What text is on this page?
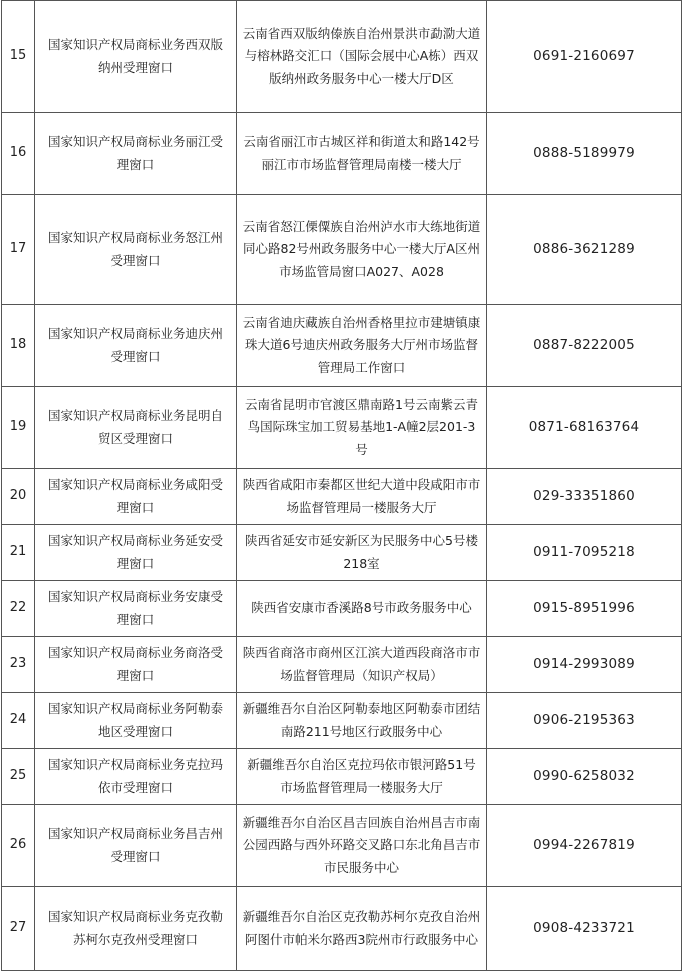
15	国家知识产权局商标业务西双版纳州受理窗口	云南省西双版纳傣族自治州景洪市勐泐大道与榕林路交汇口（国际会展中心A栋）西双版纳州政务服务中心一楼大厅D区	0691-2160697
16	国家知识产权局商标业务丽江受理窗口	云南省丽江市古城区祥和街道太和路142号丽江市市场监督管理局南楼一楼大厅	0888-5189979
17	国家知识产权局商标业务怒江州受理窗口	云南省怒江傈僳族自治州泸水市大练地街道同心路82号州政务服务中心一楼大厅A区州市场监管局窗口A027、A028	0886-3621289
18	国家知识产权局商标业务迪庆州受理窗口	云南省迪庆藏族自治州香格里拉市建塘镇康珠大道6号迪庆州政务服务大厅州市场监督管理局工作窗口	0887-8222005
19	国家知识产权局商标业务昆明自贸区受理窗口	云南省昆明市官渡区鼎南路1号云南紫云青鸟国际珠宝加工贸易基地1-A幢2层201-3号	0871-68163764
20	国家知识产权局商标业务咸阳受理窗口	陕西省咸阳市秦都区世纪大道中段咸阳市市场监督管理局一楼服务大厅	029-33351860
21	国家知识产权局商标业务延安受理窗口	陕西省延安市延安新区为民服务中心5号楼218室	0911-7095218
22	国家知识产权局商标业务安康受理窗口	陕西省安康市香溪路8号市政务服务中心	0915-8951996
23	国家知识产权局商标业务商洛受理窗口	陕西省商洛市商州区江滨大道西段商洛市市场监督管理局（知识产权局）	0914-2993089
24	国家知识产权局商标业务阿勒泰地区受理窗口	新疆维吾尔自治区阿勒泰地区阿勒泰市团结南路211号地区行政服务中心	0906-2195363
25	国家知识产权局商标业务克拉玛依市受理窗口	新疆维吾尔自治区克拉玛依市银河路51号市场监督管理局一楼服务大厅	0990-6258032
26	国家知识产权局商标业务昌吉州受理窗口	新疆维吾尔自治区昌吉回族自治州昌吉市南公园西路与西外环路交叉路口东北角昌吉市市民服务中心	0994-2267819
27	国家知识产权局商标业务克孜勒苏柯尔克孜州受理窗口	新疆维吾尔自治区克孜勒苏柯尔克孜自治州阿图什市帕米尔路西3院州市行政服务中心	0908-4233721
